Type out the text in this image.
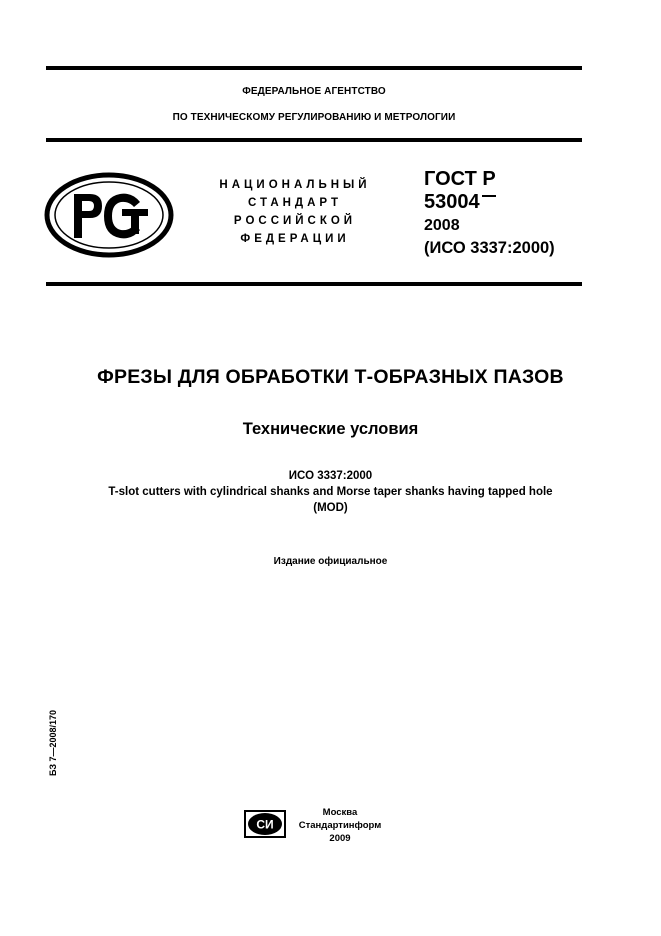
ФЕДЕРАЛЬНОЕ АГЕНТСТВО
ПО ТЕХНИЧЕСКОМУ РЕГУЛИРОВАНИЮ И МЕТРОЛОГИИ
НАЦИОНАЛЬНЫЙ
СТАНДАРТ
РОССИЙСКОЙ
ФЕДЕРАЦИИ
ГОСТ Р
53004
2008
(ИСО 3337:2000)
ФРЕЗЫ ДЛЯ ОБРАБОТКИ Т-ОБРАЗНЫХ ПАЗОВ
Технические условия
ИСО 3337:2000
T-slot cutters with cylindrical shanks and Morse taper shanks having tapped hole
(MOD)
Издание официальное
БЗ 7—2008/170
СИ
Москва
Стандартинформ
2009
